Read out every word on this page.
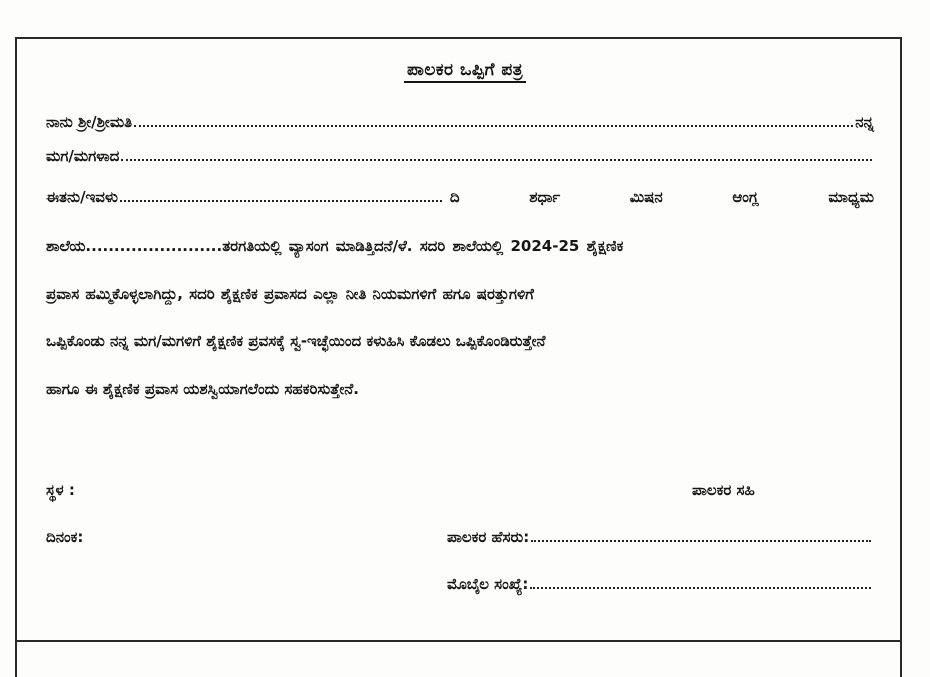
ಪಾಲಕರ ಒಪ್ಪಿಗೆ ಪತ್ರ
ನಾನು ಶ್ರೀ/ಶ್ರೀಮತಿ	ನನ್ನ
ಮಗ/ಮಗಳಾದ
ಈತನು/ಇವಳು	ದಿ	ಶರ್ಧಾ	ಮಿಷನ	ಆಂಗ್ಲ	ಮಾಧ್ಯಮ
ಶಾಲೆಯ........................ತರಗತಿಯಲ್ಲಿ ವ್ಯಾಸಂಗ ಮಾಡಿತ್ತಿದನೆ/ಳೆ. ಸದರಿ ಶಾಲೆಯಲ್ಲಿ 2024-25 ಶೈಕ್ಷಣಿಕ
ಪ್ರವಾಸ ಹಮ್ಮಿಕೊಳ್ಳಲಾಗಿದ್ದು, ಸದರಿ ಶೈಕ್ಷಣಿಕ ಪ್ರವಾಸದ ಎಲ್ಲಾ ನೀತಿ ನಿಯಮಗಳಿಗೆ ಹಗೂ ಷರತ್ತುಗಳಿಗೆ
ಒಪ್ಪಿಕೊಂಡು ನನ್ನ ಮಗ/ಮಗಳಿಗೆ ಶೈಕ್ಷಣಿಕ ಪ್ರವಸಕ್ಕೆ ಸ್ವ-ಇಚ್ಛೆಯಿಂದ ಕಳುಹಿಸಿ ಕೊಡಲು ಒಪ್ಪಿಕೊಂಡಿರುತ್ತೇನೆ
ಹಾಗೂ ಈ ಶೈಕ್ಷಣಿಕ ಪ್ರವಾಸ ಯಶಸ್ವಿಯಾಗಲೆಂದು ಸಹಕರಿಸುತ್ತೇನೆ.
ಸ್ಥಳ :	ಪಾಲಕರ ಸಹಿ
ದಿನಂಕ:	ಪಾಲಕರ ಹೆಸರು:
ಮೊಬೈಲ ಸಂಖ್ಯೆ:
